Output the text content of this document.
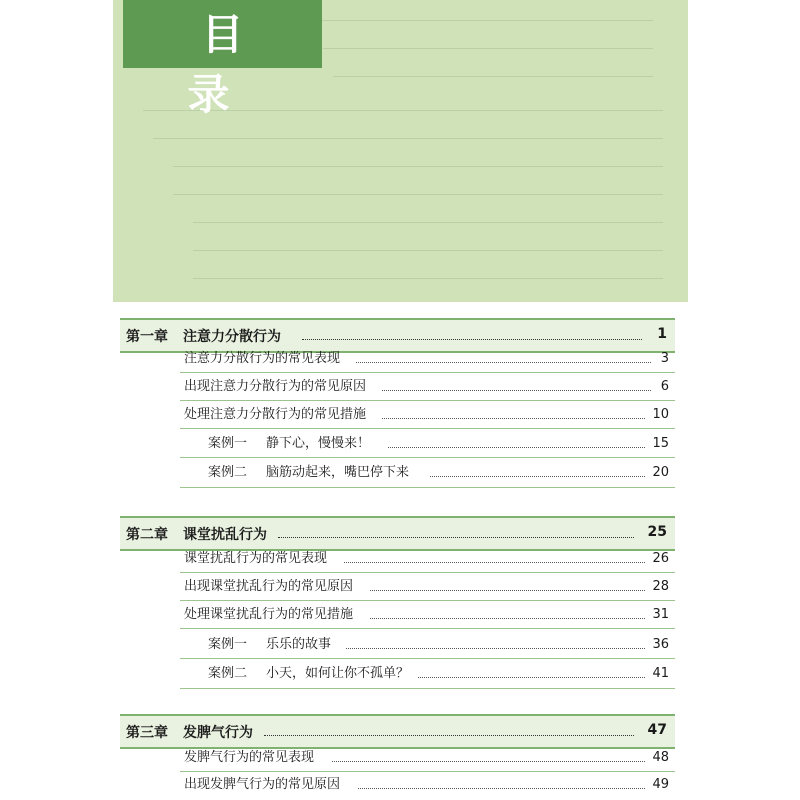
目 录
第一章 注意力分散行为	1
注意力分散行为的常见表现	3
出现注意力分散行为的常见原因	6
处理注意力分散行为的常见措施	10
案例一 静下心，慢慢来！	15
案例二 脑筋动起来，嘴巴停下来	20
第二章 课堂扰乱行为	25
课堂扰乱行为的常见表现	26
出现课堂扰乱行为的常见原因	28
处理课堂扰乱行为的常见措施	31
案例一 乐乐的故事	36
案例二 小天，如何让你不孤单？	41
第三章 发脾气行为	47
发脾气行为的常见表现	48
出现发脾气行为的常见原因	49
